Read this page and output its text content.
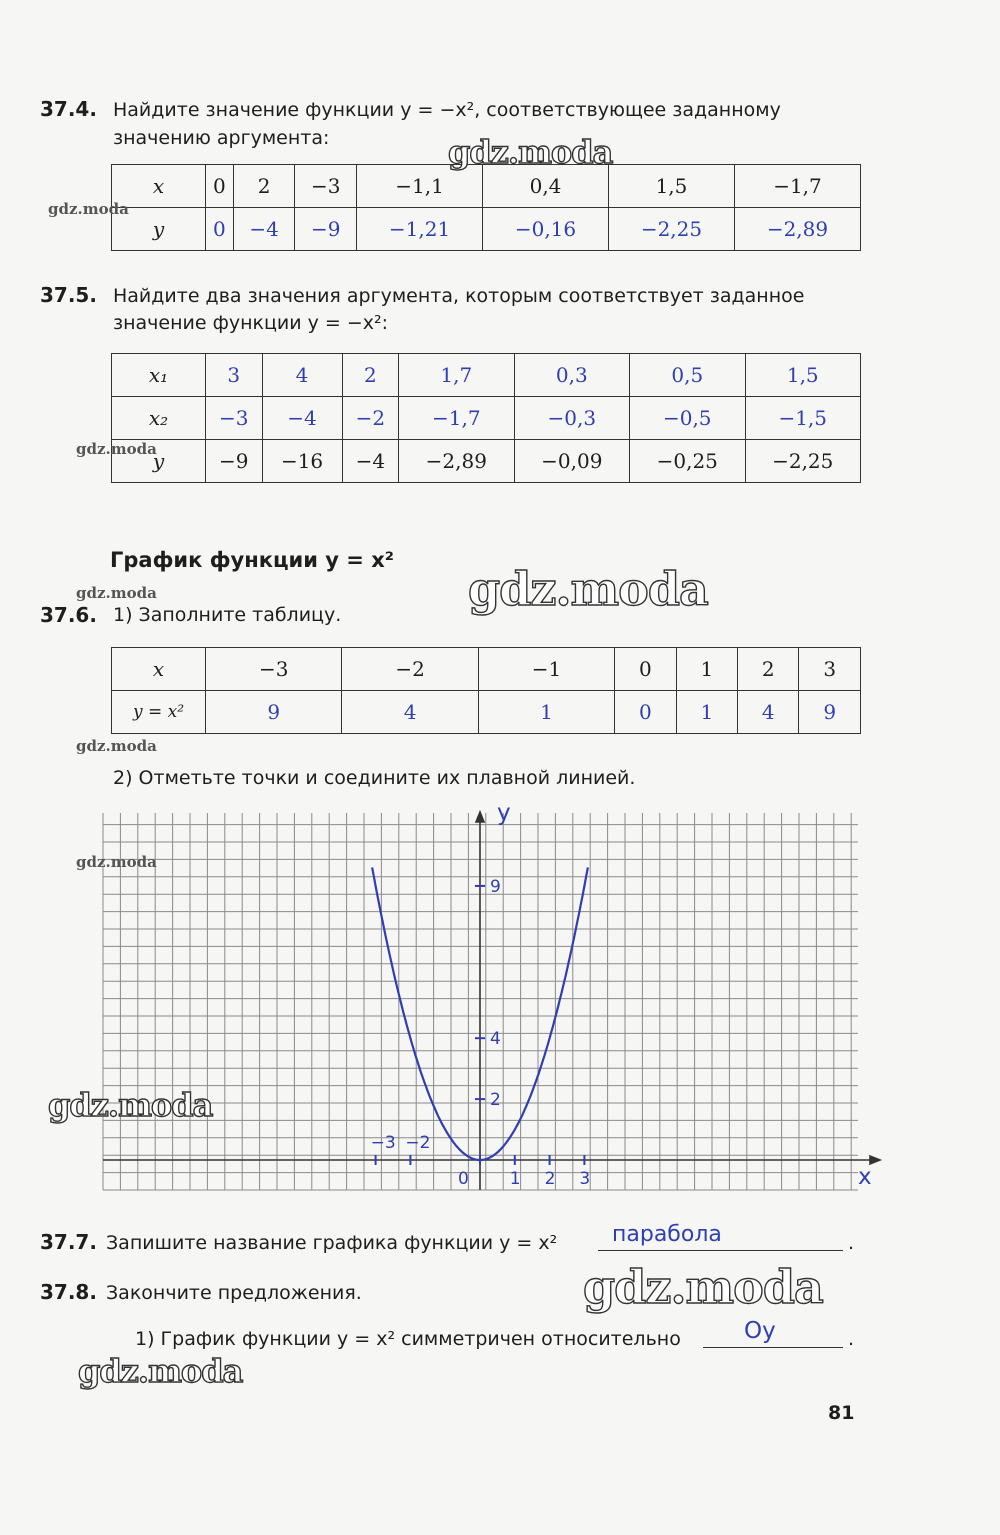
37.4. Найдите значение функции y = −x², соответствующее заданному
значению аргумента:
x	0	2	−3	−1,1	0,4	1,5	−1,7
y	0	−4	−9	−1,21	−0,16	−2,25	−2,89
37.5. Найдите два значения аргумента, которым соответствует заданное
значение функции y = −x²:
x₁	3	4	2	1,7	0,3	0,5	1,5
x₂	−3	−4	−2	−1,7	−0,3	−0,5	−1,5
y	−9	−16	−4	−2,89	−0,09	−0,25	−2,25
График функции y = x²
37.6. 1) Заполните таблицу.
x	−3	−2	−1	0	1	2	3
y = x²	9	4	1	0	1	4	9
2) Отметьте точки и соедините их плавной линией.
−3 −2
0 1 2 3
2
4
9
x
y
37.7. Запишите название графика функции y = x² парабола	.
37.8. Закончите предложения.
1) График функции y = x² симметричен относительно	Oy	.
81
gdz.moda
gdz.moda
gdz.moda
gdz.moda
gdz.moda
gdz.moda
gdz.moda
gdz.moda
gdz.moda
gdz.moda
